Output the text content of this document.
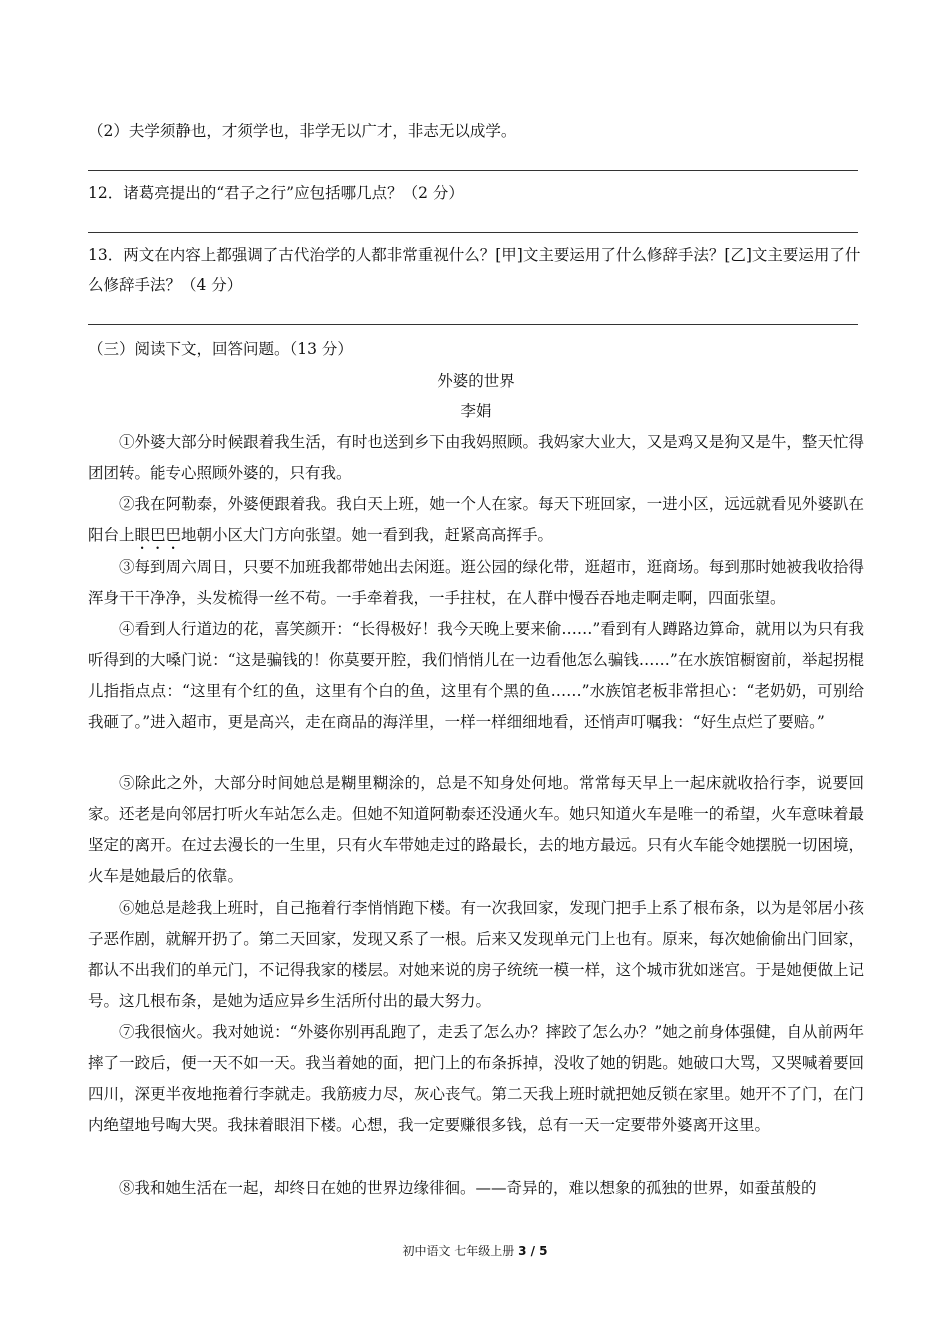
（2）夫学须静也，才须学也，非学无以广才，非志无以成学。

12．诸葛亮提出的“君子之行”应包括哪几点？（2 分）

13．两文在内容上都强调了古代治学的人都非常重视什么？[甲]文主要运用了什么修辞手法？[乙]文主要运用了什么修辞手法？（4 分）

（三）阅读下文，回答问题。（13 分）

外婆的世界
李娟

①外婆大部分时候跟着我生活，有时也送到乡下由我妈照顾。我妈家大业大，又是鸡又是狗又是牛，整天忙得团团转。能专心照顾外婆的，只有我。

②我在阿勒泰，外婆便跟着我。我白天上班，她一个人在家。每天下班回家，一进小区，远远就看见外婆趴在阳台上眼巴巴地朝小区大门方向张望。她一看到我，赶紧高高挥手。

③每到周六周日，只要不加班我都带她出去闲逛。逛公园的绿化带，逛超市，逛商场。每到那时她被我收拾得浑身干干净净，头发梳得一丝不苟。一手牵着我，一手拄杖，在人群中慢吞吞地走啊走啊，四面张望。

④看到人行道边的花，喜笑颜开：“长得极好！我今天晚上要来偷……”看到有人蹲路边算命，就用以为只有我听得到的大嗓门说：“这是骗钱的！你莫要开腔，我们悄悄儿在一边看他怎么骗钱……”在水族馆橱窗前，举起拐棍儿指指点点：“这里有个红的鱼，这里有个白的鱼，这里有个黑的鱼……”水族馆老板非常担心：“老奶奶，可别给我砸了。”进入超市，更是高兴，走在商品的海洋里，一样一样细细地看，还悄声叮嘱我：“好生点烂了要赔。”

⑤除此之外，大部分时间她总是糊里糊涂的，总是不知身处何地。常常每天早上一起床就收拾行李，说要回家。还老是向邻居打听火车站怎么走。但她不知道阿勒泰还没通火车。她只知道火车是唯一的希望，火车意味着最坚定的离开。在过去漫长的一生里，只有火车带她走过的路最长，去的地方最远。只有火车能令她摆脱一切困境，火车是她最后的依靠。

⑥她总是趁我上班时，自己拖着行李悄悄跑下楼。有一次我回家，发现门把手上系了根布条，以为是邻居小孩子恶作剧，就解开扔了。第二天回家，发现又系了一根。后来又发现单元门上也有。原来，每次她偷偷出门回家，都认不出我们的单元门，不记得我家的楼层。对她来说的房子统统一模一样，这个城市犹如迷宫。于是她便做上记号。这几根布条，是她为适应异乡生活所付出的最大努力。

⑦我很恼火。我对她说：“外婆你别再乱跑了，走丢了怎么办？摔跤了怎么办？”她之前身体强健，自从前两年摔了一跤后，便一天不如一天。我当着她的面，把门上的布条拆掉，没收了她的钥匙。她破口大骂，又哭喊着要回四川，深更半夜地拖着行李就走。我筋疲力尽，灰心丧气。第二天我上班时就把她反锁在家里。她开不了门，在门内绝望地号啕大哭。我抹着眼泪下楼。心想，我一定要赚很多钱，总有一天一定要带外婆离开这里。

⑧我和她生活在一起，却终日在她的世界边缘徘徊。——奇异的，难以想象的孤独的世界，如蚕茧般的

初中语文 七年级上册 3 / 5
